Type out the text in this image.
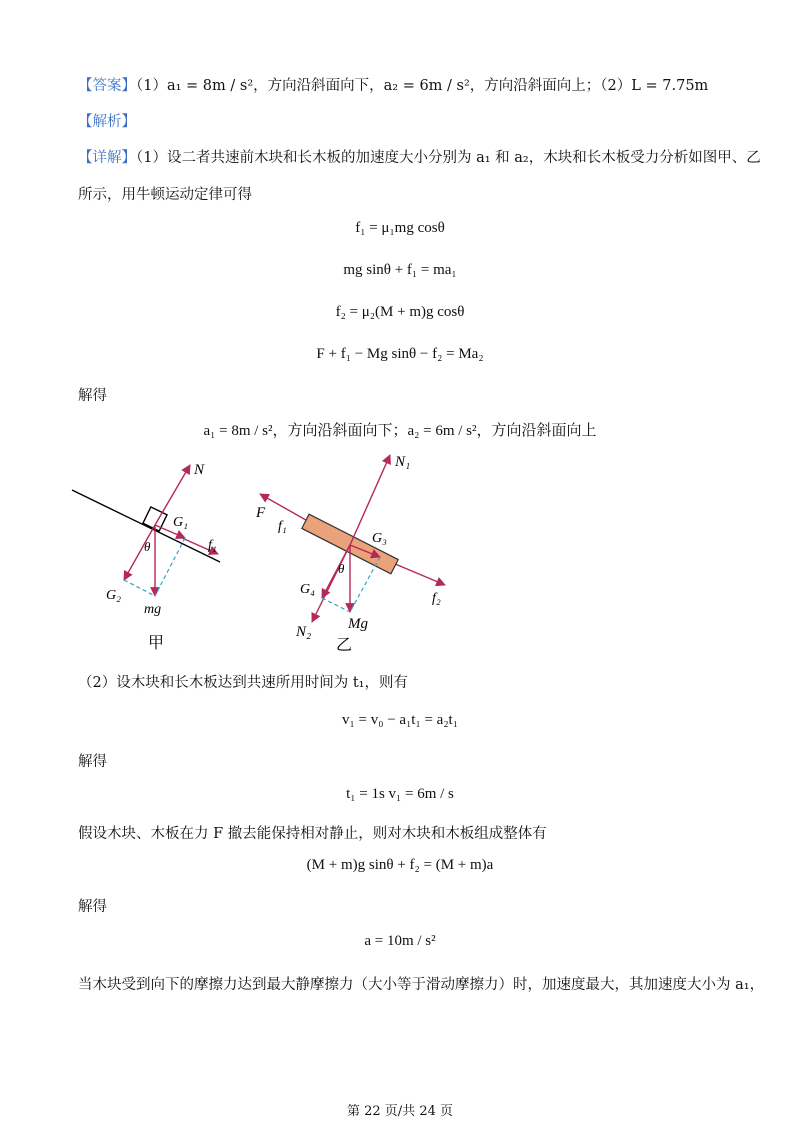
【答案】（1）a₁ = 8m / s²，方向沿斜面向下，a₂ = 6m / s²，方向沿斜面向上；（2）L = 7.75m
【解析】
【详解】（1）设二者共速前木块和长木板的加速度大小分别为 a₁ 和 a₂，木块和长木板受力分析如图甲、乙
所示，用牛顿运动定律可得
f₁ = μ₁mg cosθ
mg sinθ + f₁ = ma₁
f₂ = μ₂(M + m)g cosθ
F + f₁ − Mg sinθ − f₂ = Ma₂
解得
a₁ = 8m / s²，方向沿斜面向下；a₂ = 6m / s²，方向沿斜面向上
N
G₁
f₁
θ
G₂
mg
甲
N₁
F
f₁
G₃
θ
G₄
Mg
N₂
乙
f₂
（2）设木块和长木板达到共速所用时间为 t₁，则有
v₁ = v₀ − a₁t₁ = a₂t₁
解得
t₁ = 1s v₁ = 6m / s
假设木块、木板在力 F 撤去能保持相对静止，则对木块和木板组成整体有
(M + m)g sinθ + f₂ = (M + m)a
解得
a = 10m / s²
当木块受到向下的摩擦力达到最大静摩擦力（大小等于滑动摩擦力）时，加速度最大，其加速度大小为 a₁，
第 22 页/共 24 页
